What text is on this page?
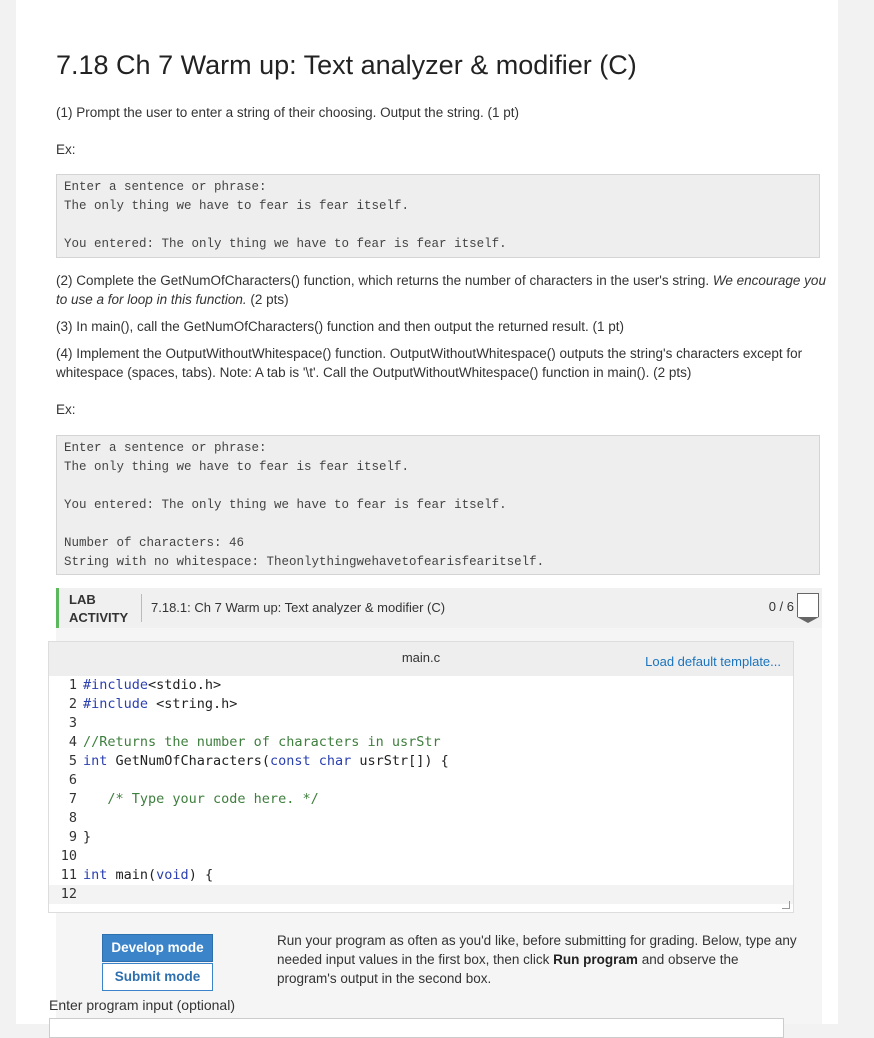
7.18 Ch 7 Warm up: Text analyzer & modifier (C)
(1) Prompt the user to enter a string of their choosing. Output the string. (1 pt)
Ex:
Enter a sentence or phrase:
The only thing we have to fear is fear itself.
You entered: The only thing we have to fear is fear itself.
(2) Complete the GetNumOfCharacters() function, which returns the number of characters in the user's string. We encourage you to use a for loop in this function. (2 pts)
(3) In main(), call the GetNumOfCharacters() function and then output the returned result. (1 pt)
(4) Implement the OutputWithoutWhitespace() function. OutputWithoutWhitespace() outputs the string's characters except for whitespace (spaces, tabs). Note: A tab is '\t'. Call the OutputWithoutWhitespace() function in main(). (2 pts)
Ex:
Enter a sentence or phrase:
The only thing we have to fear is fear itself.
You entered: The only thing we have to fear is fear itself.
Number of characters: 46
String with no whitespace: Theonlythingwehavetofearisfearitself.
LAB
ACTIVITY
7.18.1: Ch 7 Warm up: Text analyzer & modifier (C)	0 / 6
main.c	Load default template...
1 #include<stdio.h>
2 #include <string.h>
3
4 //Returns the number of characters in usrStr
5 int GetNumOfCharacters(const char usrStr[]) {
6
7   /* Type your code here. */
8
9 }
10
11 int main(void) {
12
Develop mode
Submit mode
Run your program as often as you'd like, before submitting for grading. Below, type any needed input values in the first box, then click Run program and observe the program's output in the second box.
Enter program input (optional)
